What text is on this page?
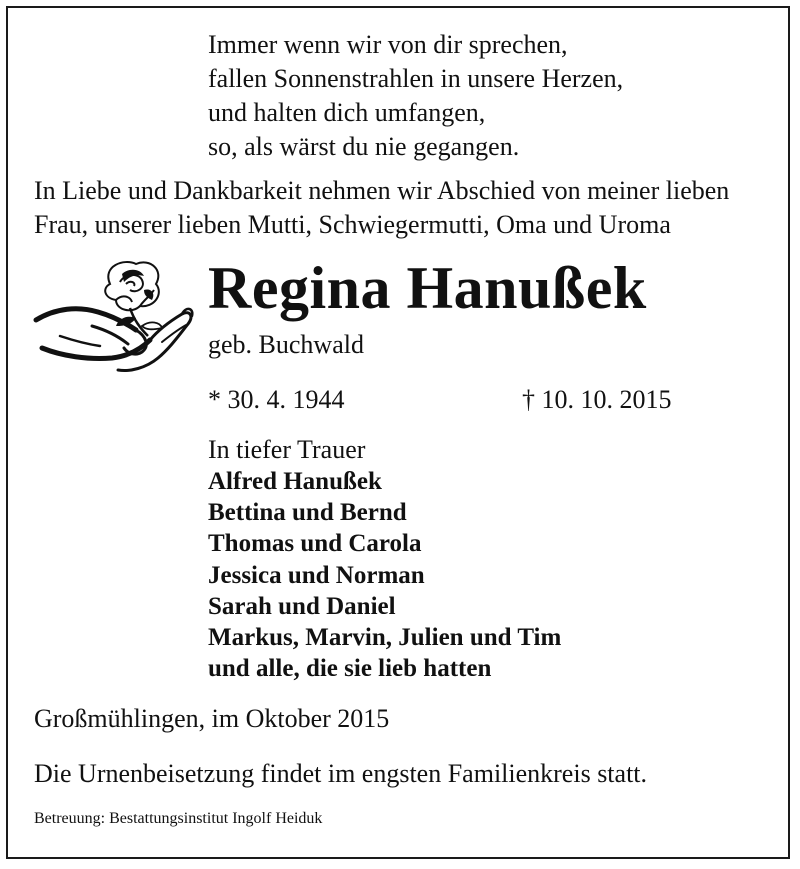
Immer wenn wir von dir sprechen,
fallen Sonnenstrahlen in unsere Herzen,
und halten dich umfangen,
so, als wärst du nie gegangen.
In Liebe und Dankbarkeit nehmen wir Abschied von meiner lieben
Frau, unserer lieben Mutti, Schwiegermutti, Oma und Uroma
Regina Hanußek
geb. Buchwald
* 30. 4. 1944	† 10. 10. 2015
In tiefer Trauer
Alfred Hanußek
Bettina und Bernd
Thomas und Carola
Jessica und Norman
Sarah und Daniel
Markus, Marvin, Julien und Tim
und alle, die sie lieb hatten
Großmühlingen, im Oktober 2015
Die Urnenbeisetzung findet im engsten Familienkreis statt.
Betreuung: Bestattungsinstitut Ingolf Heiduk
